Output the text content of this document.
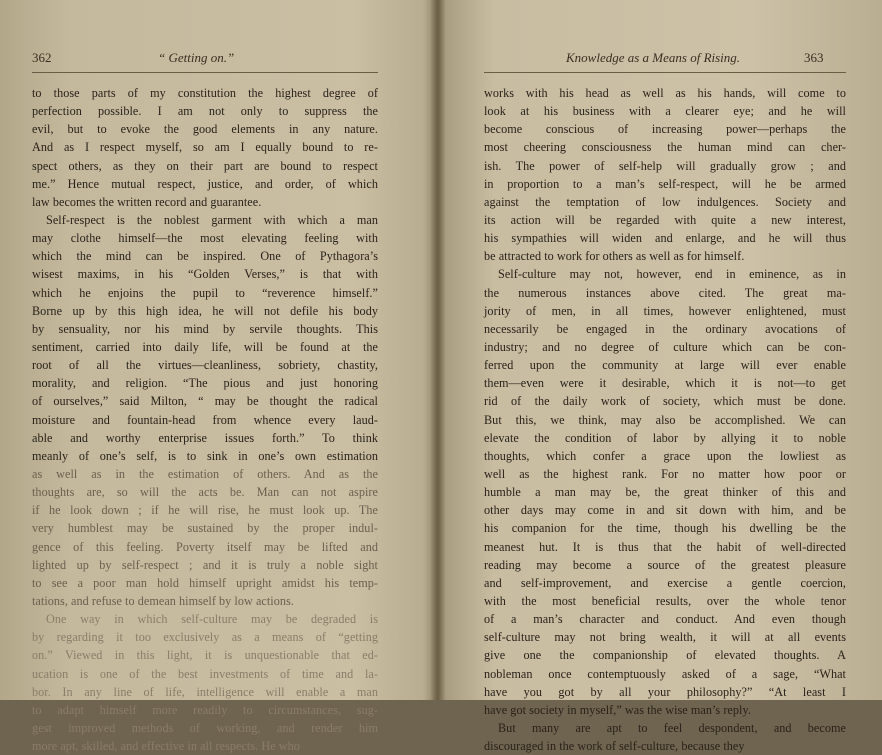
362	“ Getting on.”
to those parts of my constitution the highest degree of
perfection possible. I am not only to suppress the
evil, but to evoke the good elements in any nature.
And as I respect myself, so am I equally bound to re-
spect others, as they on their part are bound to respect
me.” Hence mutual respect, justice, and order, of which
law becomes the written record and guarantee.
Self-respect is the noblest garment with which a man
may clothe himself—the most elevating feeling with
which the mind can be inspired. One of Pythagora’s
wisest maxims, in his “Golden Verses,” is that with
which he enjoins the pupil to “reverence himself.”
Borne up by this high idea, he will not defile his body
by sensuality, nor his mind by servile thoughts. This
sentiment, carried into daily life, will be found at the
root of all the virtues—cleanliness, sobriety, chastity,
morality, and religion. “The pious and just honoring
of ourselves,” said Milton, “ may be thought the radical
moisture and fountain-head from whence every laud-
able and worthy enterprise issues forth.” To think
meanly of one’s self, is to sink in one’s own estimation
as well as in the estimation of others. And as the
thoughts are, so will the acts be. Man can not aspire
if he look down ; if he will rise, he must look up. The
very humblest may be sustained by the proper indul-
gence of this feeling. Poverty itself may be lifted and
lighted up by self-respect ; and it is truly a noble sight
to see a poor man hold himself upright amidst his temp-
tations, and refuse to demean himself by low actions.
One way in which self-culture may be degraded is
by regarding it too exclusively as a means of “getting
on.” Viewed in this light, it is unquestionable that ed-
ucation is one of the best investments of time and la-
bor. In any line of life, intelligence will enable a man
to adapt himself more readily to circumstances, sug-
gest improved methods of working, and render him
more apt, skilled, and effective in all respects. He who
Knowledge as a Means of Rising.	363
works with his head as well as his hands, will come to
look at his business with a clearer eye; and he will
become conscious of increasing power—perhaps the
most cheering consciousness the human mind can cher-
ish. The power of self-help will gradually grow ; and
in proportion to a man’s self-respect, will he be armed
against the temptation of low indulgences. Society and
its action will be regarded with quite a new interest,
his sympathies will widen and enlarge, and he will thus
be attracted to work for others as well as for himself.
Self-culture may not, however, end in eminence, as in
the numerous instances above cited. The great ma-
jority of men, in all times, however enlightened, must
necessarily be engaged in the ordinary avocations of
industry; and no degree of culture which can be con-
ferred upon the community at large will ever enable
them—even were it desirable, which it is not—to get
rid of the daily work of society, which must be done.
But this, we think, may also be accomplished. We can
elevate the condition of labor by allying it to noble
thoughts, which confer a grace upon the lowliest as
well as the highest rank. For no matter how poor or
humble a man may be, the great thinker of this and
other days may come in and sit down with him, and be
his companion for the time, though his dwelling be the
meanest hut. It is thus that the habit of well-directed
reading may become a source of the greatest pleasure
and self-improvement, and exercise a gentle coercion,
with the most beneficial results, over the whole tenor
of a man’s character and conduct. And even though
self-culture may not bring wealth, it will at all events
give one the companionship of elevated thoughts. A
nobleman once contemptuously asked of a sage, “What
have you got by all your philosophy?” “At least I
have got society in myself,” was the wise man’s reply.
But many are apt to feel despondent, and become
discouraged in the work of self-culture, because they
